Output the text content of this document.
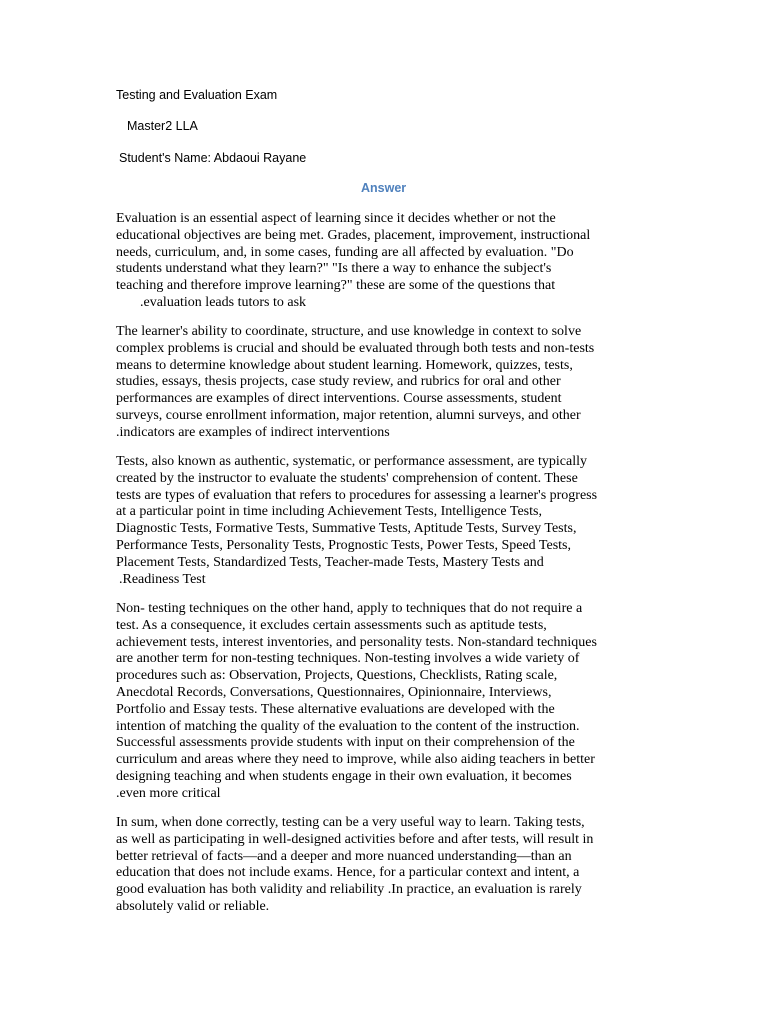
Testing and Evaluation Exam
Master2 LLA
Student's Name: Abdaoui Rayane
Answer
Evaluation is an essential aspect of learning since it decides whether or not the
educational objectives are being met. Grades, placement, improvement, instructional
needs, curriculum, and, in some cases, funding are all affected by evaluation. "Do
students understand what they learn?" "Is there a way to enhance the subject's
teaching and therefore improve learning?" these are some of the questions that
.evaluation leads tutors to ask
The learner's ability to coordinate, structure, and use knowledge in context to solve
complex problems is crucial and should be evaluated through both tests and non-tests
means to determine knowledge about student learning. Homework, quizzes, tests,
studies, essays, thesis projects, case study review, and rubrics for oral and other
performances are examples of direct interventions. Course assessments, student
surveys, course enrollment information, major retention, alumni surveys, and other
.indicators are examples of indirect interventions
Tests, also known as authentic, systematic, or performance assessment, are typically
created by the instructor to evaluate the students' comprehension of content. These
tests are types of evaluation that refers to procedures for assessing a learner's progress
at a particular point in time including Achievement Tests, Intelligence Tests,
Diagnostic Tests, Formative Tests, Summative Tests, Aptitude Tests, Survey Tests,
Performance Tests, Personality Tests, Prognostic Tests, Power Tests, Speed Tests,
Placement Tests, Standardized Tests, Teacher-made Tests, Mastery Tests and
.Readiness Test
Non- testing techniques on the other hand, apply to techniques that do not require a
test. As a consequence, it excludes certain assessments such as aptitude tests,
achievement tests, interest inventories, and personality tests. Non-standard techniques
are another term for non-testing techniques. Non-testing involves a wide variety of
procedures such as: Observation, Projects, Questions, Checklists, Rating scale,
Anecdotal Records, Conversations, Questionnaires, Opinionnaire, Interviews,
Portfolio and Essay tests. These alternative evaluations are developed with the
intention of matching the quality of the evaluation to the content of the instruction.
Successful assessments provide students with input on their comprehension of the
curriculum and areas where they need to improve, while also aiding teachers in better
designing teaching and when students engage in their own evaluation, it becomes
.even more critical
In sum, when done correctly, testing can be a very useful way to learn. Taking tests,
as well as participating in well-designed activities before and after tests, will result in
better retrieval of facts—and a deeper and more nuanced understanding—than an
education that does not include exams. Hence, for a particular context and intent, a
good evaluation has both validity and reliability .In practice, an evaluation is rarely
absolutely valid or reliable.
